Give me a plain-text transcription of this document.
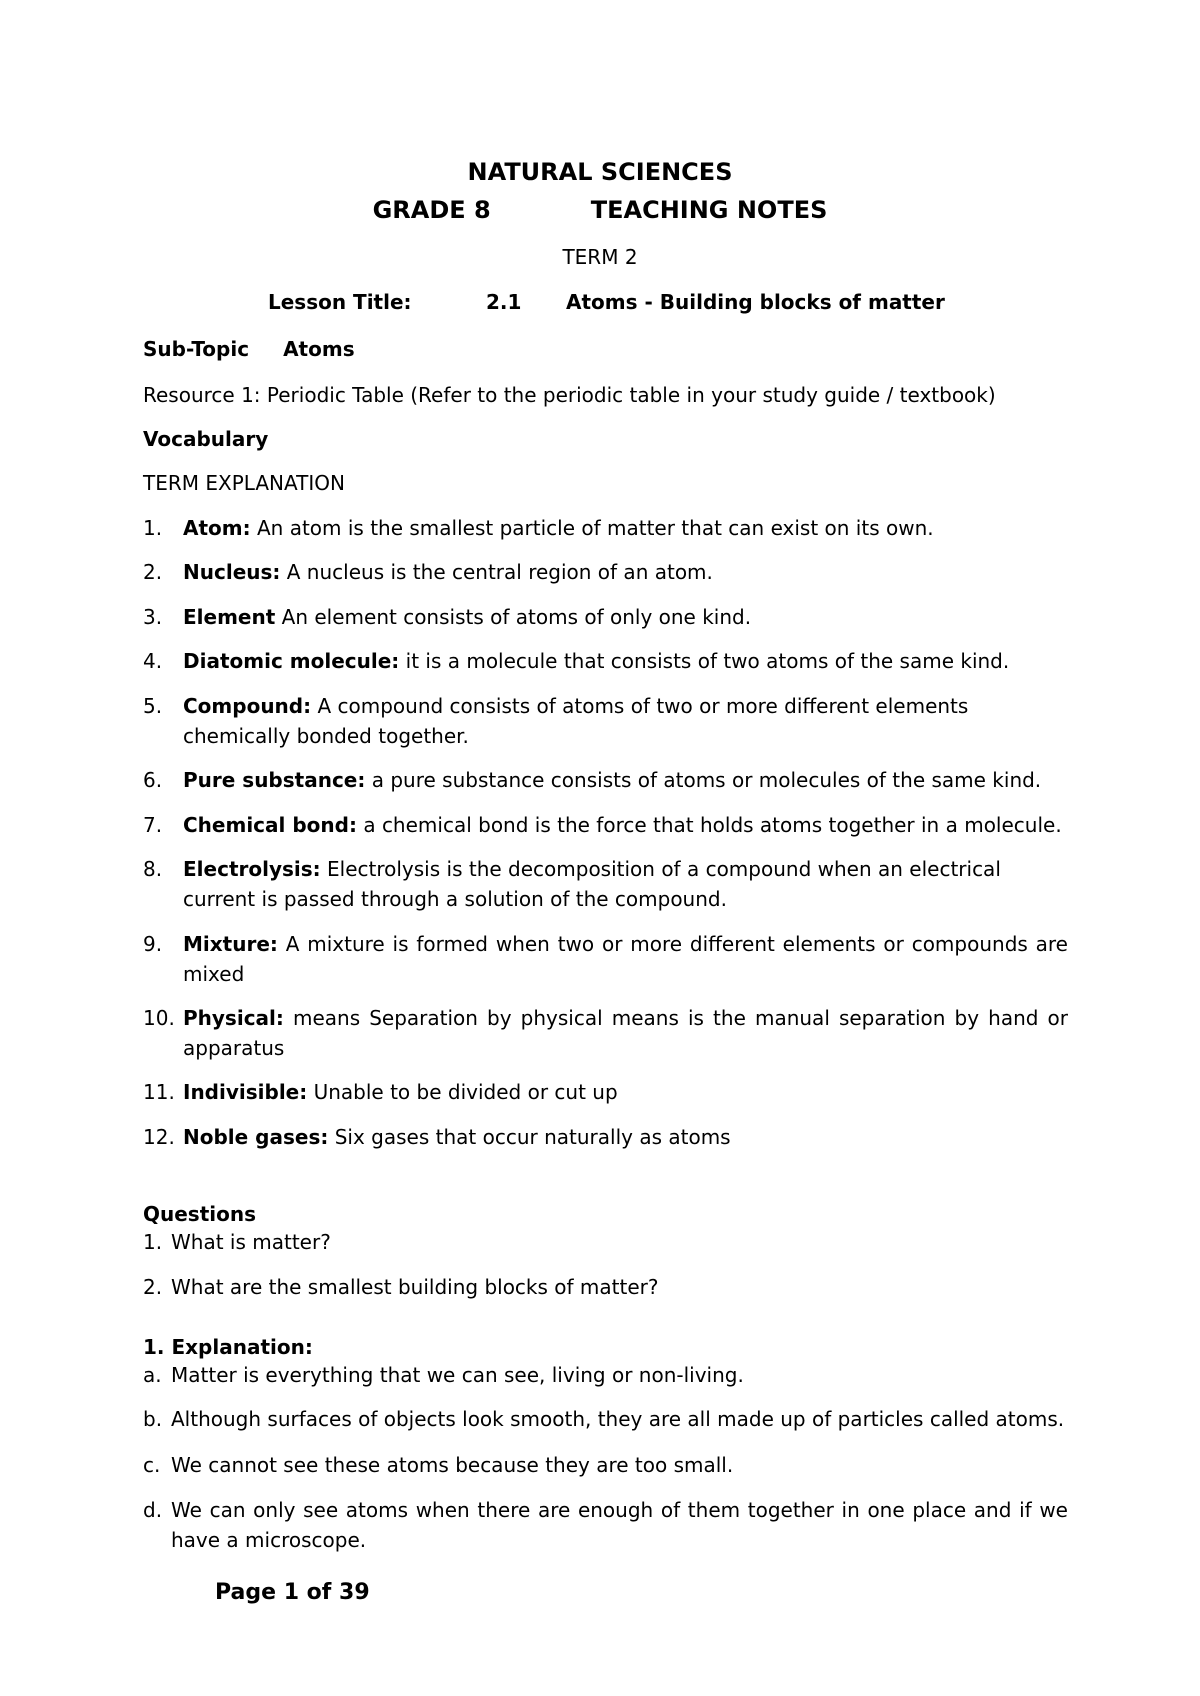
NATURAL SCIENCES
GRADE 8	TEACHING NOTES
TERM 2
Lesson Title:	2.1 Atoms - Building blocks of matter
Sub-Topic Atoms
Resource 1: Periodic Table (Refer to the periodic table in your study guide / textbook)
Vocabulary
TERM EXPLANATION
1.	Atom: An atom is the smallest particle of matter that can exist on its own.
2.	Nucleus: A nucleus is the central region of an atom.
3.	Element An element consists of atoms of only one kind.
4.	Diatomic molecule: it is a molecule that consists of two atoms of the same kind.
5.	Compound: A compound consists of atoms of two or more different elements chemically bonded together.
6.	Pure substance: a pure substance consists of atoms or molecules of the same kind.
7.	Chemical bond: a chemical bond is the force that holds atoms together in a molecule.
8.	Electrolysis: Electrolysis is the decomposition of a compound when an electrical current is passed through a solution of the compound.
9.	Mixture: A mixture is formed when two or more different elements or compounds are mixed
10. Physical: means Separation by physical means is the manual separation by hand or apparatus
11. Indivisible: Unable to be divided or cut up
12. Noble gases: Six gases that occur naturally as atoms
Questions
1. What is matter?
2. What are the smallest building blocks of matter?
1. Explanation:
a. Matter is everything that we can see, living or non-living.
b. Although surfaces of objects look smooth, they are all made up of particles called atoms.
c. We cannot see these atoms because they are too small.
d. We can only see atoms when there are enough of them together in one place and if we have a microscope.
Page 1 of 39
